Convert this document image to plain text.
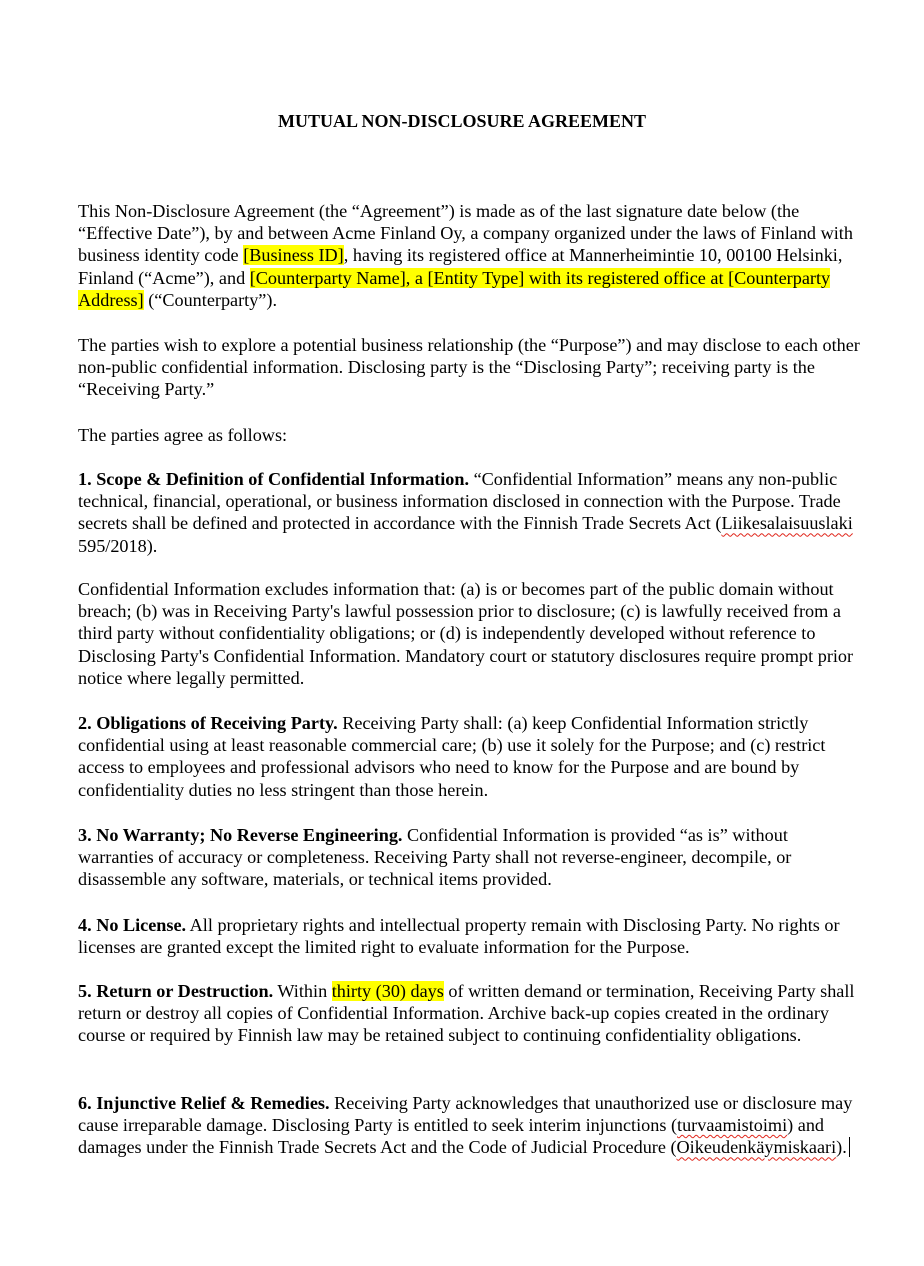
MUTUAL NON-DISCLOSURE AGREEMENT

This Non-Disclosure Agreement (the “Agreement”) is made as of the last signature date below (the “Effective Date”), by and between Acme Finland Oy, a company organized under the laws of Finland with business identity code [Business ID], having its registered office at Mannerheimintie 10, 00100 Helsinki, Finland (“Acme”), and [Counterparty Name], a [Entity Type] with its registered office at [Counterparty Address] (“Counterparty”).

The parties wish to explore a potential business relationship (the “Purpose”) and may disclose to each other non-public confidential information. Disclosing party is the “Disclosing Party”; receiving party is the “Receiving Party.”

The parties agree as follows:

1. Scope & Definition of Confidential Information. “Confidential Information” means any non-public technical, financial, operational, or business information disclosed in connection with the Purpose. Trade secrets shall be defined and protected in accordance with the Finnish Trade Secrets Act (Liikesalaisuuslaki 595/2018).

Confidential Information excludes information that: (a) is or becomes part of the public domain without breach; (b) was in Receiving Party's lawful possession prior to disclosure; (c) is lawfully received from a third party without confidentiality obligations; or (d) is independently developed without reference to Disclosing Party's Confidential Information. Mandatory court or statutory disclosures require prompt prior notice where legally permitted.

2. Obligations of Receiving Party. Receiving Party shall: (a) keep Confidential Information strictly confidential using at least reasonable commercial care; (b) use it solely for the Purpose; and (c) restrict access to employees and professional advisors who need to know for the Purpose and are bound by confidentiality duties no less stringent than those herein.

3. No Warranty; No Reverse Engineering. Confidential Information is provided “as is” without warranties of accuracy or completeness. Receiving Party shall not reverse-engineer, decompile, or disassemble any software, materials, or technical items provided.

4. No License. All proprietary rights and intellectual property remain with Disclosing Party. No rights or licenses are granted except the limited right to evaluate information for the Purpose.

5. Return or Destruction. Within thirty (30) days of written demand or termination, Receiving Party shall return or destroy all copies of Confidential Information. Archive back-up copies created in the ordinary course or required by Finnish law may be retained subject to continuing confidentiality obligations.

6. Injunctive Relief & Remedies. Receiving Party acknowledges that unauthorized use or disclosure may cause irreparable damage. Disclosing Party is entitled to seek interim injunctions (turvaamistoimi) and damages under the Finnish Trade Secrets Act and the Code of Judicial Procedure (Oikeudenkäymiskaari).
